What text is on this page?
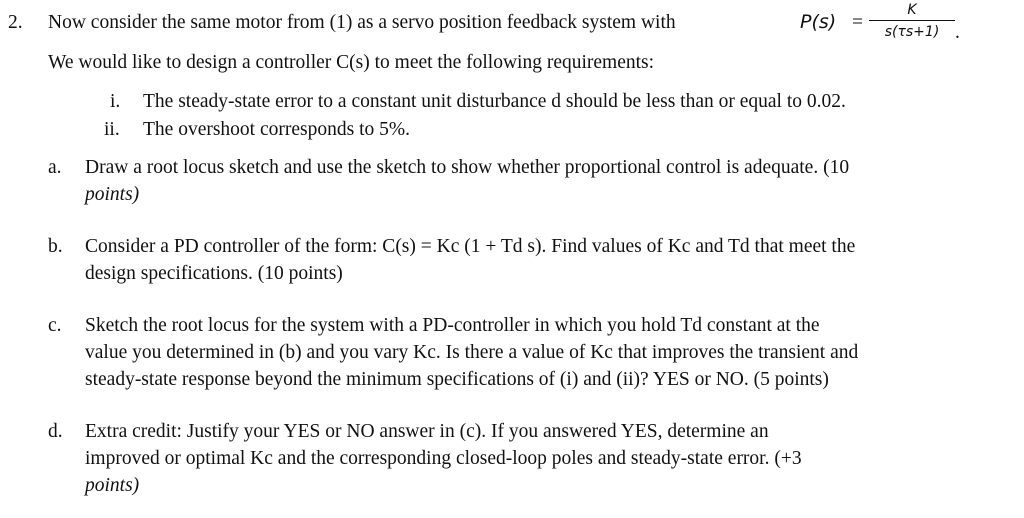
2. Now consider the same motor from (1) as a servo position feedback system with	P(s) =
K
s(τs+1) .
We would like to design a controller C(s) to meet the following requirements:
i. The steady-state error to a constant unit disturbance d should be less than or equal to 0.02.
ii. The overshoot corresponds to 5%.
a. Draw a root locus sketch and use the sketch to show whether proportional control is adequate. (10
points)
b. Consider a PD controller of the form: C(s) = Kc (1 + Td s). Find values of Kc and Td that meet the
design specifications. (10 points)
c. Sketch the root locus for the system with a PD-controller in which you hold Td constant at the
value you determined in (b) and you vary Kc. Is there a value of Kc that improves the transient and
steady-state response beyond the minimum specifications of (i) and (ii)? YES or NO. (5 points)
d. Extra credit: Justify your YES or NO answer in (c). If you answered YES, determine an
improved or optimal Kc and the corresponding closed-loop poles and steady-state error. (+3
points)
